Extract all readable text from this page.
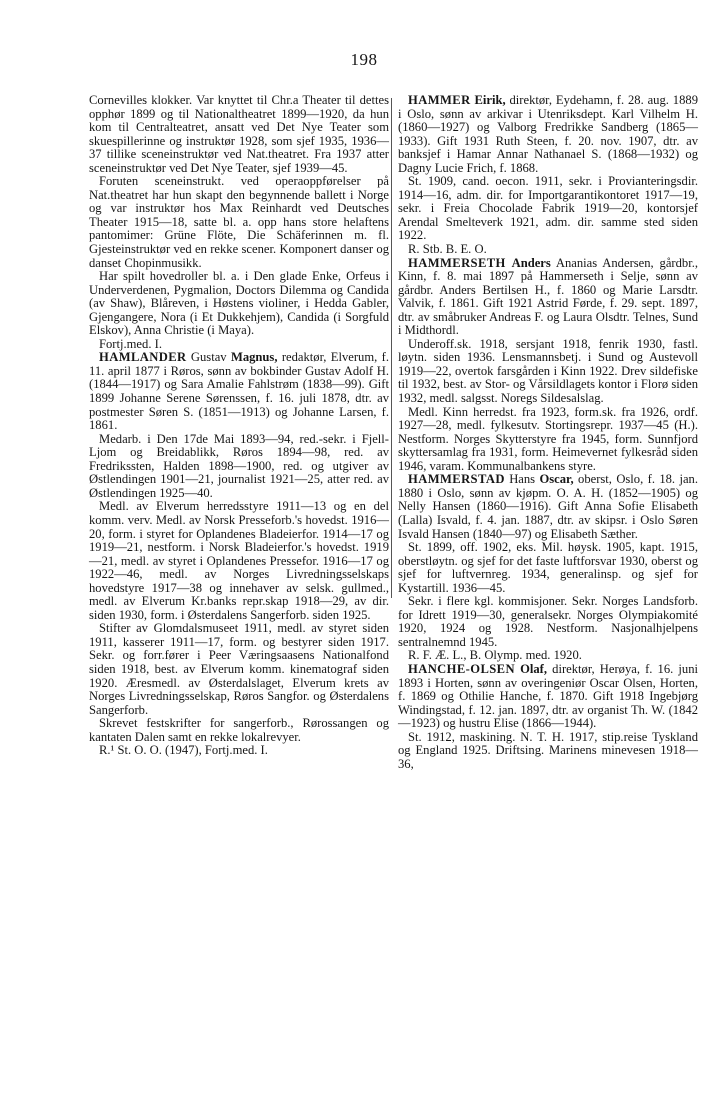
198

Cornevilles klokker. Var knyttet til Chr.a Theater til dettes opphør 1899 og til Nationaltheatret 1899—1920, da hun kom til Centralteatret, ansatt ved Det Nye Teater som skuespillerinne og instruktør 1928, som sjef 1935, 1936—37 tillike sceneinstruktør ved Nat.theatret. Fra 1937 atter sceneinstruktør ved Det Nye Teater, sjef 1939—45.

Foruten sceneinstrukt. ved operaoppførelser på Nat.theatret har hun skapt den begynnende ballett i Norge og var instruktør hos Max Reinhardt ved Deutsches Theater 1915—18, satte bl. a. opp hans store helaftens pantomimer: Grüne Flöte, Die Schäferinnen m. fl. Gjesteinstruktør ved en rekke scener. Komponert danser og danset Chopinmusikk.

Har spilt hovedroller bl. a. i Den glade Enke, Orfeus i Underverdenen, Pygmalion, Doctors Dilemma og Candida (av Shaw), Blåreven, i Høstens violiner, i Hedda Gabler, Gjengangere, Nora (i Et Dukkehjem), Candida (i Sorgfuld Elskov), Anna Christie (i Maya).

Fortj.med. I.

HAMLANDER Gustav Magnus, redaktør, Elverum, f. 11. april 1877 i Røros, sønn av bokbinder Gustav Adolf H. (1844—1917) og Sara Amalie Fahlstrøm (1838—99). Gift 1899 Johanne Serene Sørenssen, f. 16. juli 1878, dtr. av postmester Søren S. (1851—1913) og Johanne Larsen, f. 1861.

Medarb. i Den 17de Mai 1893—94, red.-sekr. i Fjell-Ljom og Breidablikk, Røros 1894—98, red. av Fredrikssten, Halden 1898—1900, red. og utgiver av Østlendingen 1901—21, journalist 1921—25, atter red. av Østlendingen 1925—40.

Medl. av Elverum herredsstyre 1911—13 og en del komm. verv. Medl. av Norsk Presseforb.'s hovedst. 1916—20, form. i styret for Oplandenes Bladeierfor. 1914—17 og 1919—21, nestform. i Norsk Bladeierfor.'s hovedst. 1919—21, medl. av styret i Oplandenes Pressefor. 1916—17 og 1922—46, medl. av Norges Livredningsselskaps hovedstyre 1917—38 og innehaver av selsk. gullmed., medl. av Elverum Kr.banks repr.skap 1918—29, av dir. siden 1930, form. i Østerdalens Sangerforb. siden 1925.

Stifter av Glomdalsmuseet 1911, medl. av styret siden 1911, kasserer 1911—17, form. og bestyrer siden 1917. Sekr. og forr.fører i Peer Væringsaasens Nationalfond siden 1918, best. av Elverum komm. kinematograf siden 1920. Æresmedl. av Østerdalslaget, Elverum krets av Norges Livredningsselskap, Røros Sangfor. og Østerdalens Sangerforb.

Skrevet festskrifter for sangerforb., Rørossangen og kantaten Dalen samt en rekke lokalrevyer.

R.¹ St. O. O. (1947), Fortj.med. I.

HAMMER Eirik, direktør, Eydehamn, f. 28. aug. 1889 i Oslo, sønn av arkivar i Utenriksdept. Karl Vilhelm H. (1860—1927) og Valborg Fredrikke Sandberg (1865—1933). Gift 1931 Ruth Steen, f. 20. nov. 1907, dtr. av banksjef i Hamar Annar Nathanael S. (1868—1932) og Dagny Lucie Frich, f. 1868.

St. 1909, cand. oecon. 1911, sekr. i Provianteringsdir. 1914—16, adm. dir. for Importgarantikontoret 1917—19, sekr. i Freia Chocolade Fabrik 1919—20, kontorsjef Arendal Smelteverk 1921, adm. dir. samme sted siden 1922.

R. Stb. B. E. O.

HAMMERSETH Anders Ananias Andersen, gårdbr., Kinn, f. 8. mai 1897 på Hammerseth i Selje, sønn av gårdbr. Anders Bertilsen H., f. 1860 og Marie Larsdtr. Valvik, f. 1861. Gift 1921 Astrid Førde, f. 29. sept. 1897, dtr. av småbruker Andreas F. og Laura Olsdtr. Telnes, Sund i Midthordl.

Underoff.sk. 1918, sersjant 1918, fenrik 1930, fastl. løytn. siden 1936. Lensmannsbetj. i Sund og Austevoll 1919—22, overtok farsgården i Kinn 1922. Drev sildefiske til 1932, best. av Stor- og Vårsildlagets kontor i Florø siden 1932, medl. salgsst. Noregs Sildesalslag.

Medl. Kinn herredst. fra 1923, form.sk. fra 1926, ordf. 1927—28, medl. fylkesutv. Stortingsrepr. 1937—45 (H.). Nestform. Norges Skytterstyre fra 1945, form. Sunnfjord skyttersamlag fra 1931, form. Heimevernet fylkesråd siden 1946, varam. Kommunalbankens styre.

HAMMERSTAD Hans Oscar, oberst, Oslo, f. 18. jan. 1880 i Oslo, sønn av kjøpm. O. A. H. (1852—1905) og Nelly Hansen (1860—1916). Gift Anna Sofie Elisabeth (Lalla) Isvald, f. 4. jan. 1887, dtr. av skipsr. i Oslo Søren Isvald Hansen (1840—97) og Elisabeth Sæther.

St. 1899, off. 1902, eks. Mil. høysk. 1905, kapt. 1915, oberstløytn. og sjef for det faste luftforsvar 1930, oberst og sjef for luftvernreg. 1934, generalinsp. og sjef for Kystartill. 1936—45.

Sekr. i flere kgl. kommisjoner. Sekr. Norges Landsforb. for Idrett 1919—30, generalsekr. Norges Olympiakomité 1920, 1924 og 1928. Nestform. Nasjonalhjelpens sentralnemnd 1945.

R. F. Æ. L., B. Olymp. med. 1920.

HANCHE-OLSEN Olaf, direktør, Herøya, f. 16. juni 1893 i Horten, sønn av overingeniør Oscar Olsen, Horten, f. 1869 og Othilie Hanche, f. 1870. Gift 1918 Ingebjørg Windingstad, f. 12. jan. 1897, dtr. av organist Th. W. (1842—1923) og hustru Elise (1866—1944).

St. 1912, maskining. N. T. H. 1917, stip.reise Tyskland og England 1925. Driftsing. Marinens minevesen 1918—36,
